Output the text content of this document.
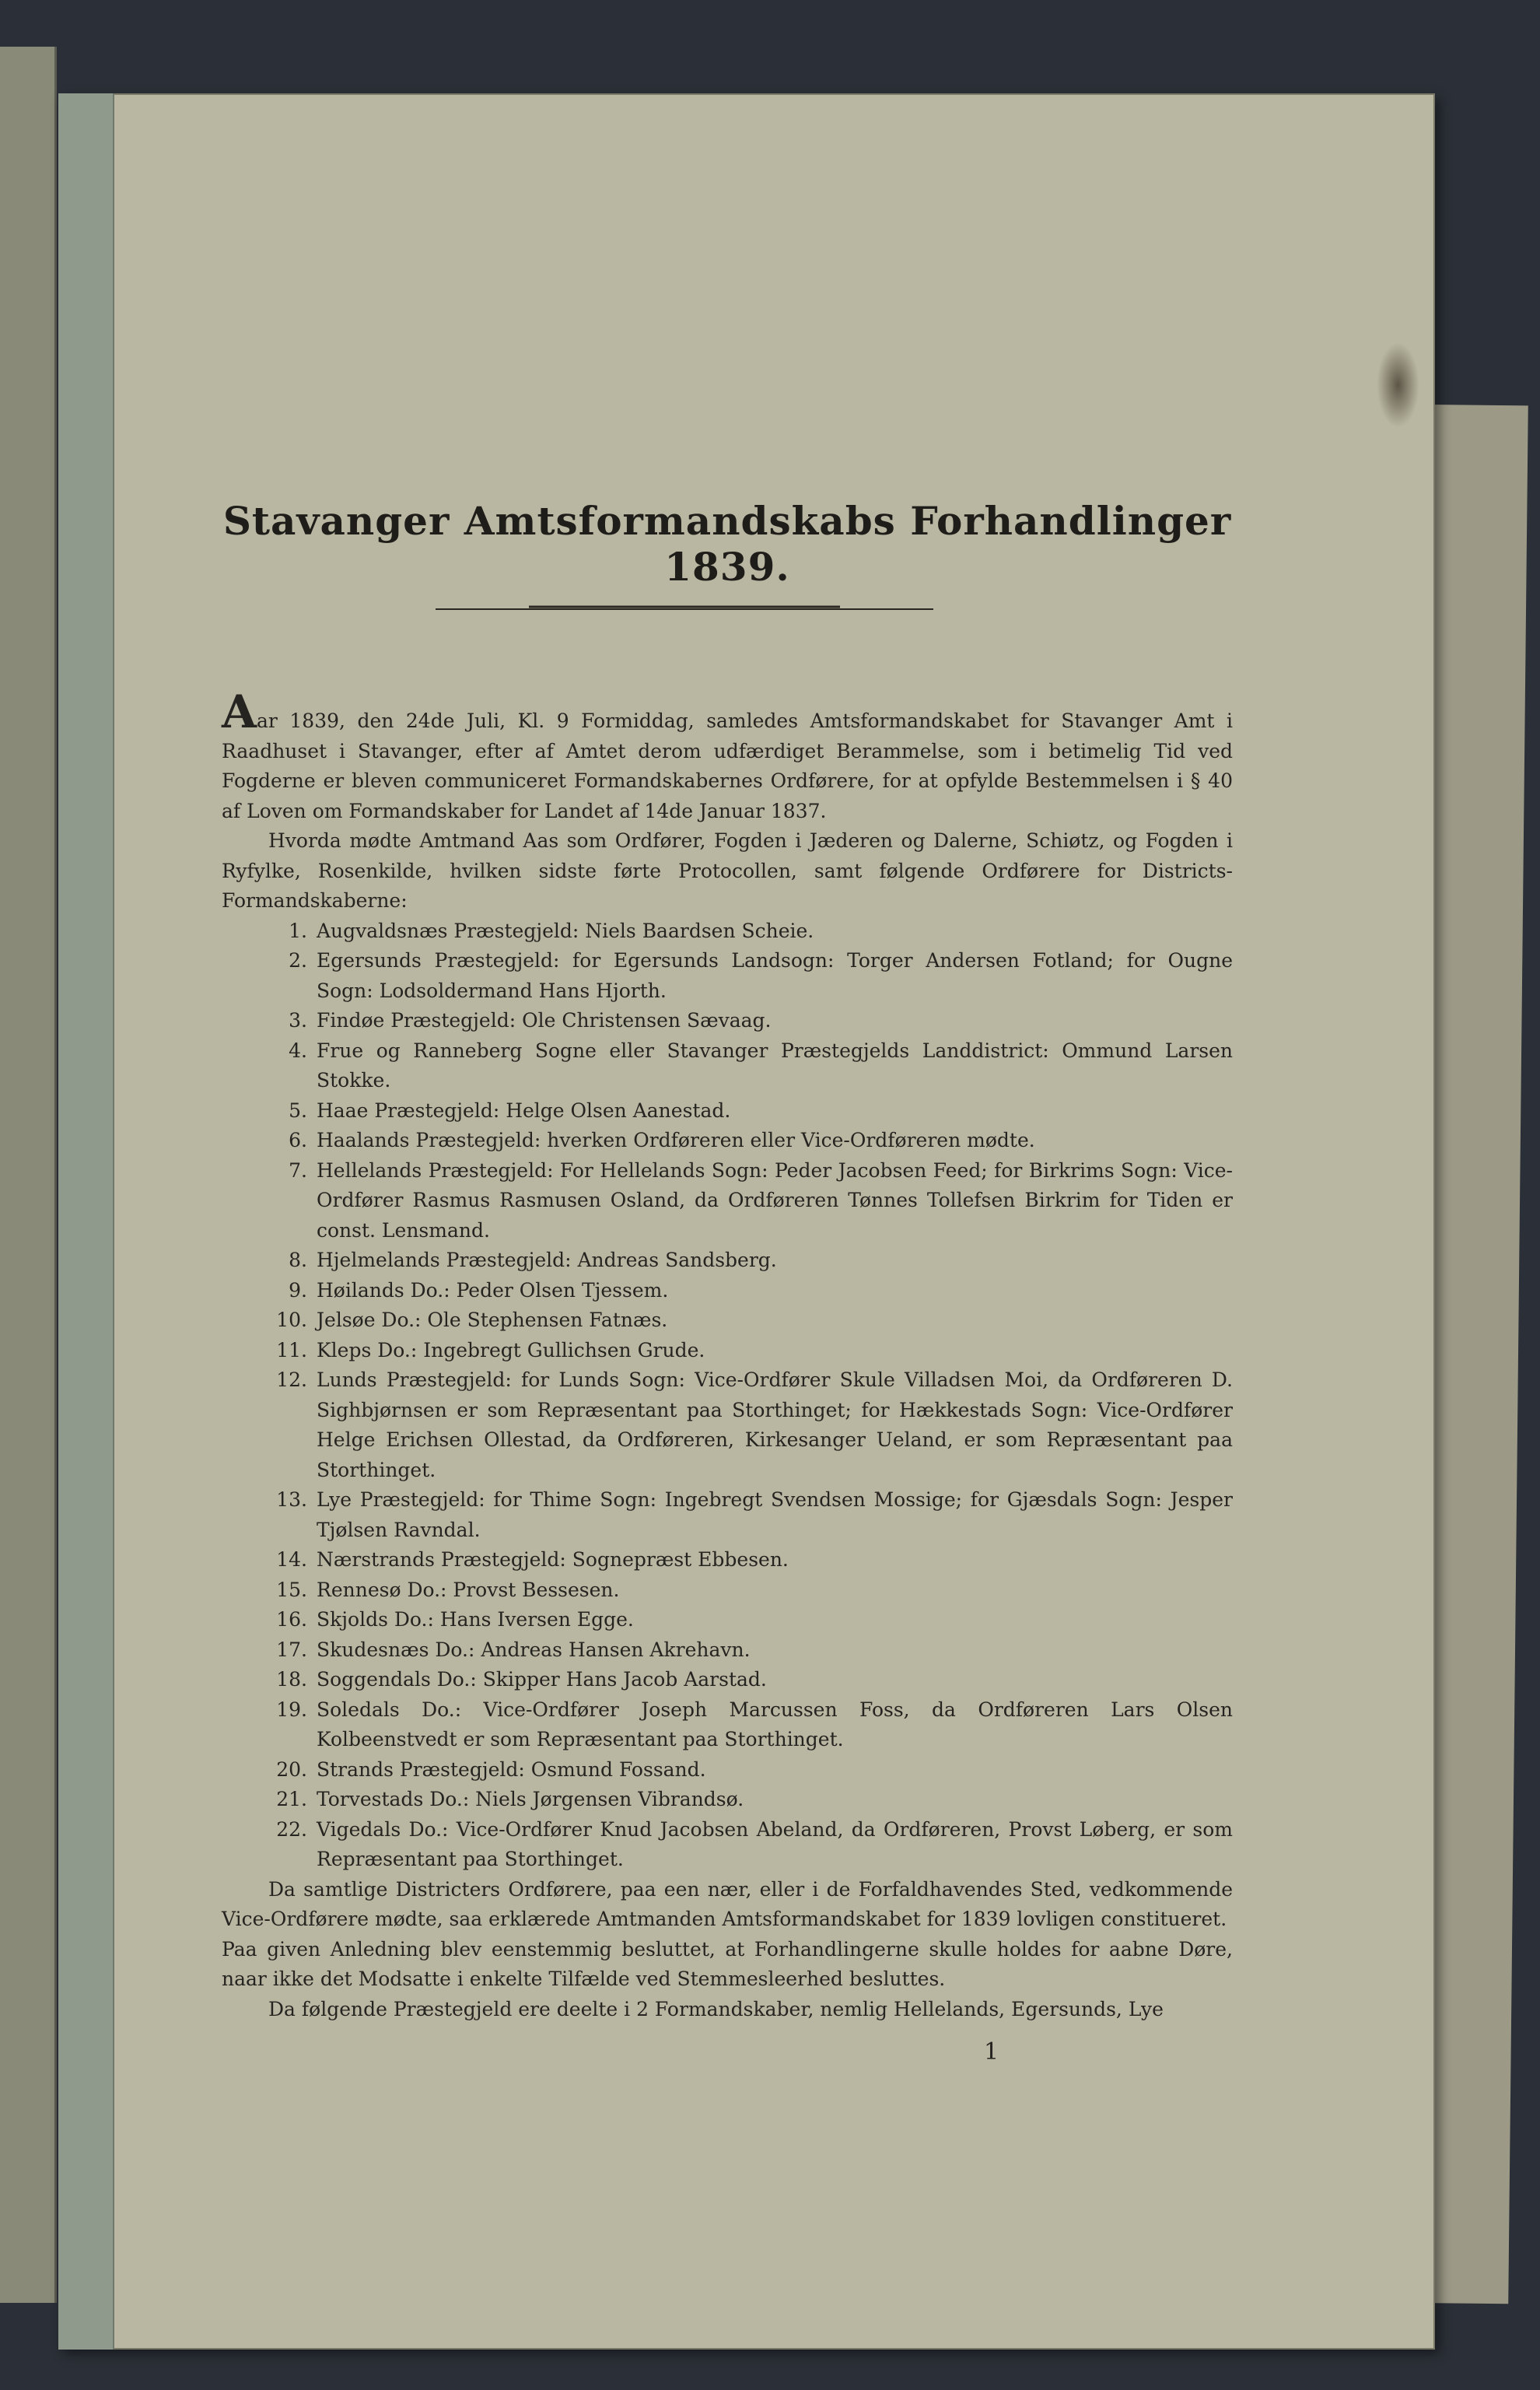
Stavanger Amtsformandskabs Forhandlinger 1839.

Aar 1839, den 24de Juli, Kl. 9 Formiddag, samledes Amtsformandskabet for Stavanger Amt i Raadhuset i Stavanger, efter af Amtet derom udfærdiget Berammelse, som i betimelig Tid ved Fogderne er bleven communiceret Formandskabernes Ordførere, for at opfylde Bestemmelsen i § 40 af Loven om Formandskaber for Landet af 14de Januar 1837.

Hvorda mødte Amtmand Aas som Ordfører, Fogden i Jæderen og Dalerne, Schiøtz, og Fogden i Ryfylke, Rosenkilde, hvilken sidste førte Protocollen, samt følgende Ordførere for Districts-Formandskaberne:

1. Augvaldsnæs Præstegjeld: Niels Baardsen Scheie.
2. Egersunds Præstegjeld: for Egersunds Landsogn: Torger Andersen Fotland; for Ougne Sogn: Lodsoldermand Hans Hjorth.
3. Findøe Præstegjeld: Ole Christensen Sævaag.
4. Frue og Ranneberg Sogne eller Stavanger Præstegjelds Landdistrict: Ommund Larsen Stokke.
5. Haae Præstegjeld: Helge Olsen Aanestad.
6. Haalands Præstegjeld: hverken Ordføreren eller Vice-Ordføreren mødte.
7. Hellelands Præstegjeld: For Hellelands Sogn: Peder Jacobsen Feed; for Birkrims Sogn: Vice-Ordfører Rasmus Rasmusen Osland, da Ordføreren Tønnes Tollefsen Birkrim for Tiden er const. Lensmand.
8. Hjelmelands Præstegjeld: Andreas Sandsberg.
9. Høilands Do.: Peder Olsen Tjessem.
10. Jelsøe Do.: Ole Stephensen Fatnæs.
11. Kleps Do.: Ingebregt Gullichsen Grude.
12. Lunds Præstegjeld: for Lunds Sogn: Vice-Ordfører Skule Villadsen Moi, da Ordføreren D. Sighbjørnsen er som Repræsentant paa Storthinget; for Hækkestads Sogn: Vice-Ordfører Helge Erichsen Ollestad, da Ordføreren, Kirkesanger Ueland, er som Repræsentant paa Storthinget.
13. Lye Præstegjeld: for Thime Sogn: Ingebregt Svendsen Mossige; for Gjæsdals Sogn: Jesper Tjølsen Ravndal.
14. Nærstrands Præstegjeld: Sognepræst Ebbesen.
15. Rennesø Do.: Provst Bessesen.
16. Skjolds Do.: Hans Iversen Egge.
17. Skudesnæs Do.: Andreas Hansen Akrehavn.
18. Soggendals Do.: Skipper Hans Jacob Aarstad.
19. Soledals Do.: Vice-Ordfører Joseph Marcussen Foss, da Ordføreren Lars Olsen Kolbeenstvedt er som Repræsentant paa Storthinget.
20. Strands Præstegjeld: Osmund Fossand.
21. Torvestads Do.: Niels Jørgensen Vibrandsø.
22. Vigedals Do.: Vice-Ordfører Knud Jacobsen Abeland, da Ordføreren, Provst Løberg, er som Repræsentant paa Storthinget.

Da samtlige Districters Ordførere, paa een nær, eller i de Forfaldhavendes Sted, vedkommende Vice-Ordførere mødte, saa erklærede Amtmanden Amtsformandskabet for 1839 lovligen constitueret.

Paa given Anledning blev eenstemmig besluttet, at Forhandlingerne skulle holdes for aabne Døre, naar ikke det Modsatte i enkelte Tilfælde ved Stemmesleerhed besluttes.

Da følgende Præstegjeld ere deelte i 2 Formandskaber, nemlig Hellelands, Egersunds, Lye

1
